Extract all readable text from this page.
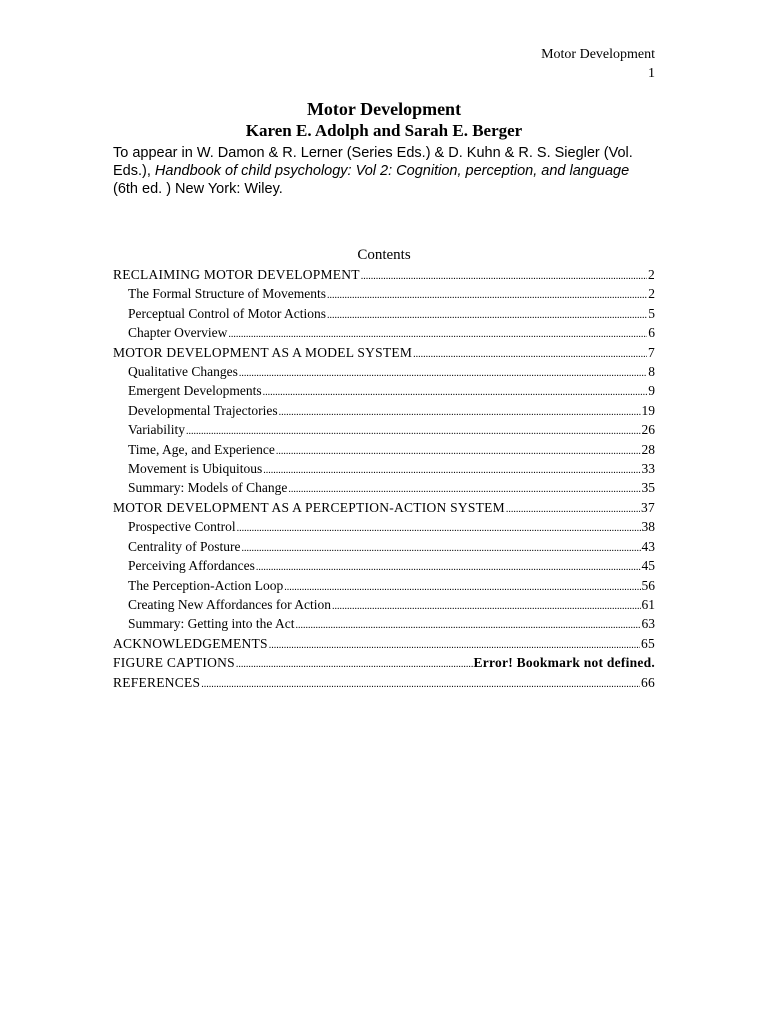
Motor Development
1
Motor Development
Karen E. Adolph and Sarah E. Berger

To appear in W. Damon & R. Lerner (Series Eds.) & D. Kuhn & R. S. Siegler (Vol. Eds.), Handbook of child psychology: Vol 2: Cognition, perception, and language (6th ed. ) New York: Wiley.

Contents
RECLAIMING MOTOR DEVELOPMENT .....	2
The Formal Structure of Movements .....	2
Perceptual Control of Motor Actions .....	5
Chapter Overview .....	6
MOTOR DEVELOPMENT AS A MODEL SYSTEM .....	7
Qualitative Changes .....	8
Emergent Developments .....	9
Developmental Trajectories .....	19
Variability .....	26
Time, Age, and Experience .....	28
Movement is Ubiquitous .....	33
Summary: Models of Change .....	35
MOTOR DEVELOPMENT AS A PERCEPTION-ACTION SYSTEM .....	37
Prospective Control .....	38
Centrality of Posture .....	43
Perceiving Affordances .....	45
The Perception-Action Loop .....	56
Creating New Affordances for Action .....	61
Summary: Getting into the Act .....	63
ACKNOWLEDGEMENTS .....	65
FIGURE CAPTIONS .....	Error! Bookmark not defined.
REFERENCES .....	66
